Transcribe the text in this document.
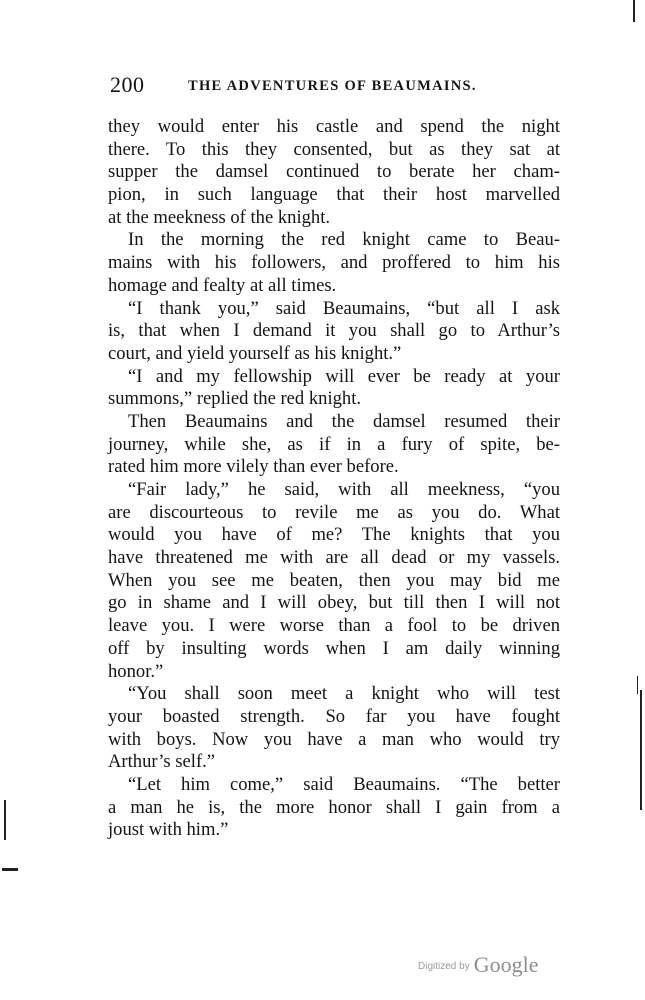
200	THE ADVENTURES OF BEAUMAINS.
they would enter his castle and spend the night
there. To this they consented, but as they sat at
supper the damsel continued to berate her cham-
pion, in such language that their host marvelled
at the meekness of the knight.
In the morning the red knight came to Beau-
mains with his followers, and proffered to him his
homage and fealty at all times.
“I thank you,” said Beaumains, “but all I ask
is, that when I demand it you shall go to Arthur’s
court, and yield yourself as his knight.”
“I and my fellowship will ever be ready at your
summons,” replied the red knight.
Then Beaumains and the damsel resumed their
journey, while she, as if in a fury of spite, be-
rated him more vilely than ever before.
“Fair lady,” he said, with all meekness, “you
are discourteous to revile me as you do. What
would you have of me? The knights that you
have threatened me with are all dead or my vassels.
When you see me beaten, then you may bid me
go in shame and I will obey, but till then I will not
leave you. I were worse than a fool to be driven
off by insulting words when I am daily winning
honor.”
“You shall soon meet a knight who will test
your boasted strength. So far you have fought
with boys. Now you have a man who would try
Arthur’s self.”
“Let him come,” said Beaumains. “The better
a man he is, the more honor shall I gain from a
joust with him.”
Digitized by Google
